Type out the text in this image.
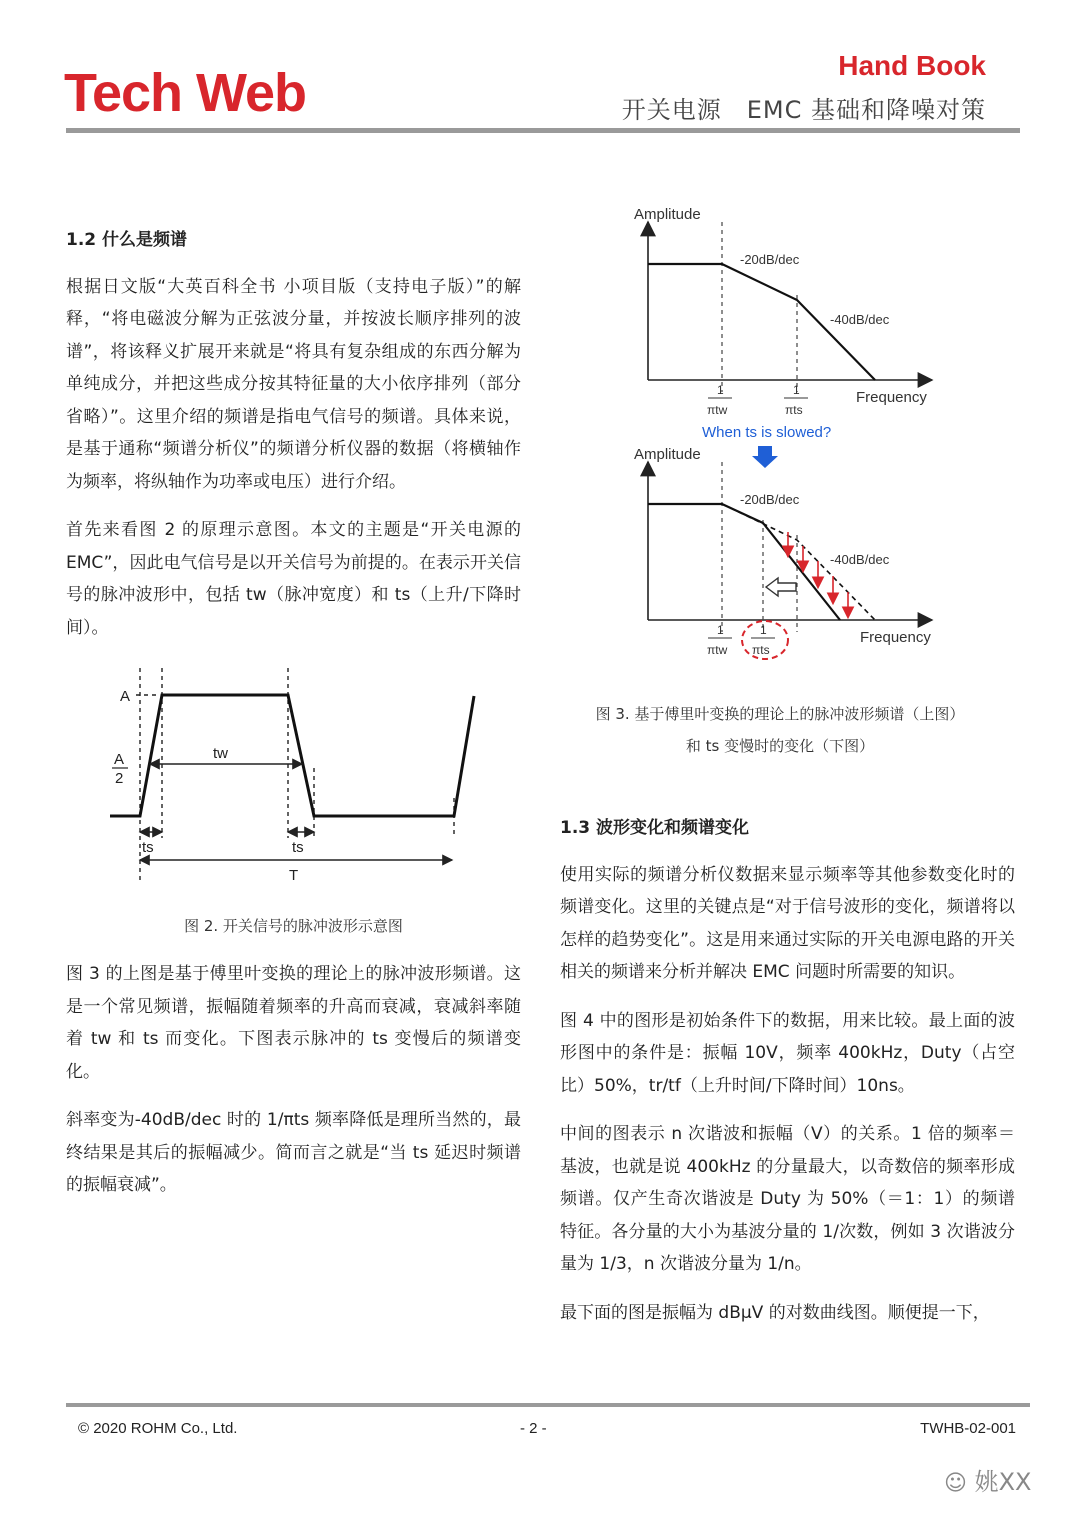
Tech Web	Hand Book
开关电源　EMC 基础和降噪对策

1.2 什么是频谱

根据日文版“大英百科全书 小项目版（支持电子版）”的解释，“将电磁波分解为正弦波分量，并按波长顺序排列的波谱”，将该释义扩展开来就是“将具有复杂组成的东西分解为单纯成分，并把这些成分按其特征量的大小依序排列（部分省略）”。这里介绍的频谱是指电气信号的频谱。具体来说，是基于通称“频谱分析仪”的频谱分析仪器的数据（将横轴作为频率，将纵轴作为功率或电压）进行介绍。

首先来看图 2 的原理示意图。本文的主题是“开关电源的 EMC”，因此电气信号是以开关信号为前提的。在表示开关信号的脉冲波形中，包括 tw（脉冲宽度）和 ts（上升/下降时间）。

A
A
2
tw
ts	ts
T
图 2. 开关信号的脉冲波形示意图

图 3 的上图是基于傅里叶变换的理论上的脉冲波形频谱。这是一个常见频谱，振幅随着频率的升高而衰减，衰减斜率随着 tw 和 ts 而变化。下图表示脉冲的 ts 变慢后的频谱变化。

斜率变为-40dB/dec 时的 1/πts 频率降低是理所当然的，最终结果是其后的振幅减少。简而言之就是“当 ts 延迟时频谱的振幅衰减”。

Amplitude
-20dB/dec
-40dB/dec
Frequency
1
πtw
1
πts
When ts is slowed?
Amplitude
-20dB/dec
-40dB/dec
Frequency
1
πtw
1
πts
图 3. 基于傅里叶变换的理论上的脉冲波形频谱（上图）
和 ts 变慢时的变化（下图）

1.3 波形变化和频谱变化

使用实际的频谱分析仪数据来显示频率等其他参数变化时的频谱变化。这里的关键点是“对于信号波形的变化，频谱将以怎样的趋势变化”。这是用来通过实际的开关电源电路的开关相关的频谱来分析并解决 EMC 问题时所需要的知识。

图 4 中的图形是初始条件下的数据，用来比较。最上面的波形图中的条件是：振幅 10V，频率 400kHz，Duty（占空比）50%，tr/tf（上升时间/下降时间）10ns。

中间的图表示 n 次谐波和振幅（V）的关系。1 倍的频率＝基波，也就是说 400kHz 的分量最大，以奇数倍的频率形成频谱。仅产生奇次谐波是 Duty 为 50%（＝1：1）的频谱特征。各分量的大小为基波分量的 1/次数，例如 3 次谐波分量为 1/3，n 次谐波分量为 1/n。

最下面的图是振幅为 dBμV 的对数曲线图。顺便提一下，

© 2020 ROHM Co., Ltd.	- 2 -	TWHB-02-001
☺ 姚XX
